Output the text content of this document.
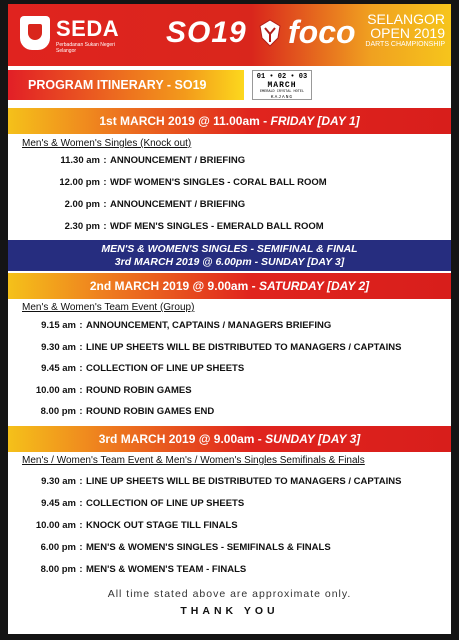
SEDA
Perbadanan Sukan Negeri Selangor
SO19 foco SELANGOR
OPEN 2019
DARTS CHAMPIONSHIP
PROGRAM ITINERARY - SO19
01 • 02 • 03
MARCH
EMERALD CRYSTAL HOTEL
KAJANG
1st MARCH 2019 @ 11.00am - FRIDAY [DAY 1]
Men's & Women's Singles (Knock out)
11.30 am : ANNOUNCEMENT / BRIEFING
12.00 pm : WDF WOMEN'S SINGLES - CORAL BALL ROOM
2.00 pm : ANNOUNCEMENT / BRIEFING
2.30 pm : WDF MEN'S SINGLES - EMERALD BALL ROOM
MEN'S & WOMEN'S SINGLES - SEMIFINAL & FINAL
3rd MARCH 2019 @ 6.00pm - SUNDAY [DAY 3]
2nd MARCH 2019 @ 9.00am - SATURDAY [DAY 2]
Men's & Women's Team Event (Group)
9.15 am : ANNOUNCEMENT, CAPTAINS / MANAGERS BRIEFING
9.30 am : LINE UP SHEETS WILL BE DISTRIBUTED TO MANAGERS / CAPTAINS
9.45 am : COLLECTION OF LINE UP SHEETS
10.00 am : ROUND ROBIN GAMES
8.00 pm : ROUND ROBIN GAMES END
3rd MARCH 2019 @ 9.00am - SUNDAY [DAY 3]
Men's / Women's Team Event & Men's / Women's Singles Semifinals & Finals
9.30 am : LINE UP SHEETS WILL BE DISTRIBUTED TO MANAGERS / CAPTAINS
9.45 am : COLLECTION OF LINE UP SHEETS
10.00 am : KNOCK OUT STAGE TILL FINALS
6.00 pm : MEN'S & WOMEN'S SINGLES - SEMIFINALS & FINALS
8.00 pm : MEN'S & WOMEN'S TEAM - FINALS
All time stated above are approximate only.
THANK YOU
